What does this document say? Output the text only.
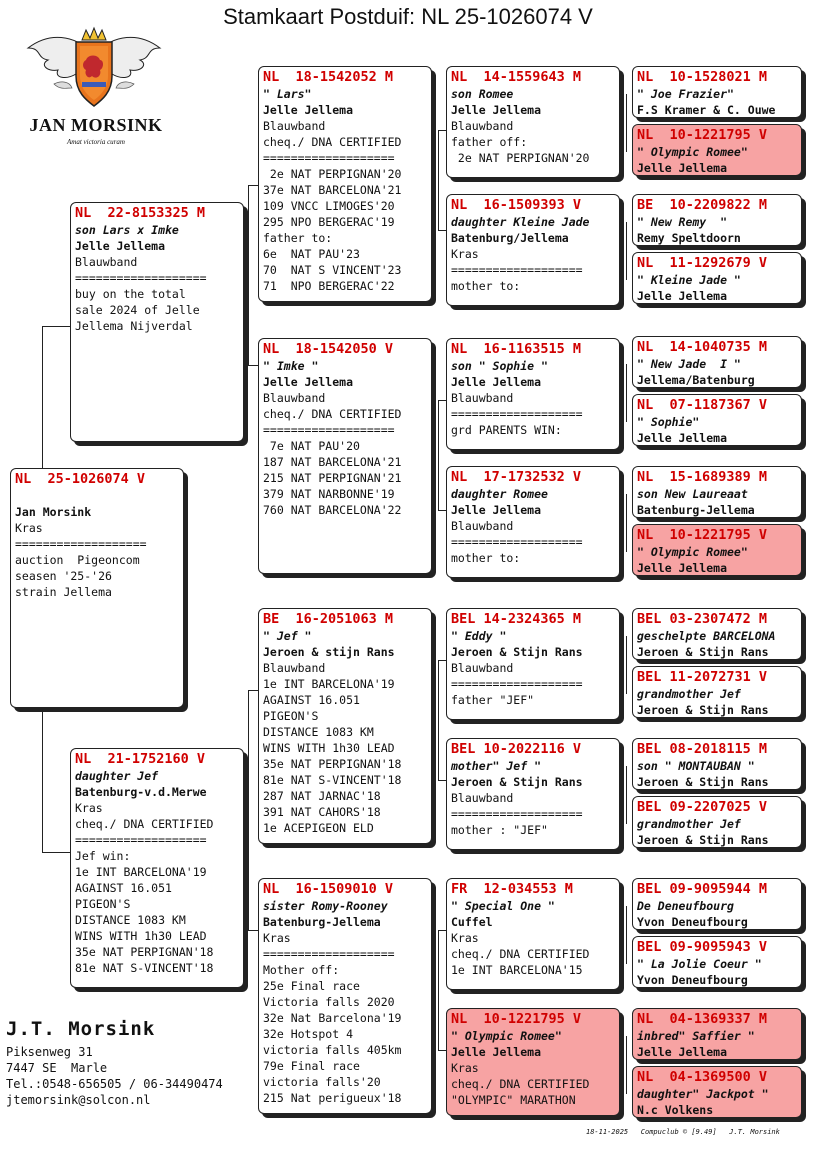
Stamkaart Postduif: NL 25-1026074 V
JAN MORSINK
Amat victoria curam
NL  25-1026074 V

Jan Morsink
Kras
===================
auction  Pigeoncom
seasen '25-'26
strain Jellema
NL  22-8153325 M
son Lars x Imke
Jelle Jellema
Blauwband
===================
buy on the total
sale 2024 of Jelle
Jellema Nijverdal
NL  21-1752160 V
daughter Jef
Batenburg-v.d.Merwe
Kras
cheq./ DNA CERTIFIED
===================
Jef win:
1e INT BARCELONA'19
AGAINST 16.051
PIGEON'S
DISTANCE 1083 KM
WINS WITH 1h30 LEAD
35e NAT PERPIGNAN'18
81e NAT S-VINCENT'18
NL  18-1542052 M
" Lars"
Jelle Jellema
Blauwband
cheq./ DNA CERTIFIED
===================
2e NAT PERPIGNAN'20
37e NAT BARCELONA'21
109 VNCC LIMOGES'20
295 NPO BERGERAC'19
father to:
6e  NAT PAU'23
70  NAT S VINCENT'23
71  NPO BERGERAC'22
NL  18-1542050 V
" Imke "
Jelle Jellema
Blauwband
cheq./ DNA CERTIFIED
===================
7e NAT PAU'20
187 NAT BARCELONA'21
215 NAT PERPIGNAN'21
379 NAT NARBONNE'19
760 NAT BARCELONA'22
BE  16-2051063 M
" Jef "
Jeroen & stijn Rans
Blauwband
1e INT BARCELONA'19
AGAINST 16.051
PIGEON'S
DISTANCE 1083 KM
WINS WITH 1h30 LEAD
35e NAT PERPIGNAN'18
81e NAT S-VINCENT'18
287 NAT JARNAC'18
391 NAT CAHORS'18
1e ACEPIGEON ELD
NL  16-1509010 V
sister Romy-Rooney
Batenburg-Jellema
Kras
===================
Mother off:
25e Final race
Victoria falls 2020
32e Nat Barcelona'19
32e Hotspot 4
victoria falls 405km
79e Final race
victoria falls'20
215 Nat perigueux'18
NL  14-1559643 M
son Romee
Jelle Jellema
Blauwband
father off:
2e NAT PERPIGNAN'20
NL  16-1509393 V
daughter Kleine Jade
Batenburg/Jellema
Kras
===================
mother to:
NL  16-1163515 M
son " Sophie "
Jelle Jellema
Blauwband
===================
grd PARENTS WIN:
NL  17-1732532 V
daughter Romee
Jelle Jellema
Blauwband
===================
mother to:
BEL 14-2324365 M
" Eddy "
Jeroen & Stijn Rans
Blauwband
===================
father "JEF"
BEL 10-2022116 V
mother" Jef "
Jeroen & Stijn Rans
Blauwband
===================
mother : "JEF"
FR  12-034553 M
" Special One "
Cuffel
Kras
cheq./ DNA CERTIFIED
1e INT BARCELONA'15
NL  10-1221795 V
" Olympic Romee"
Jelle Jellema
Kras
cheq./ DNA CERTIFIED
"OLYMPIC" MARATHON
NL  10-1528021 M
" Joe Frazier"
F.S Kramer & C. Ouwe
NL  10-1221795 V
" Olympic Romee"
Jelle Jellema
BE  10-2209822 M
" New Remy  "
Remy Speltdoorn
NL  11-1292679 V
" Kleine Jade "
Jelle Jellema
NL  14-1040735 M
" New Jade  I "
Jellema/Batenburg
NL  07-1187367 V
" Sophie"
Jelle Jellema
NL  15-1689389 M
son New Laureaat
Batenburg-Jellema
NL  10-1221795 V
" Olympic Romee"
Jelle Jellema
BEL 03-2307472 M
geschelpte BARCELONA
Jeroen & Stijn Rans
BEL 11-2072731 V
grandmother Jef
Jeroen & Stijn Rans
BEL 08-2018115 M
son " MONTAUBAN "
Jeroen & Stijn Rans
BEL 09-2207025 V
grandmother Jef
Jeroen & Stijn Rans
BEL 09-9095944 M
De Deneufbourg
Yvon Deneufbourg
BEL 09-9095943 V
" La Jolie Coeur "
Yvon Deneufbourg
NL  04-1369337 M
inbred" Saffier "
Jelle Jellema
NL  04-1369500 V
daughter" Jackpot "
N.c Volkens
J.T. Morsink
Piksenweg 31
7447 SE  Marle
Tel.:0548-656505 / 06-34490474
jtemorsink@solcon.nl
18-11-2025   Compuclub © [9.49]   J.T. Morsink
